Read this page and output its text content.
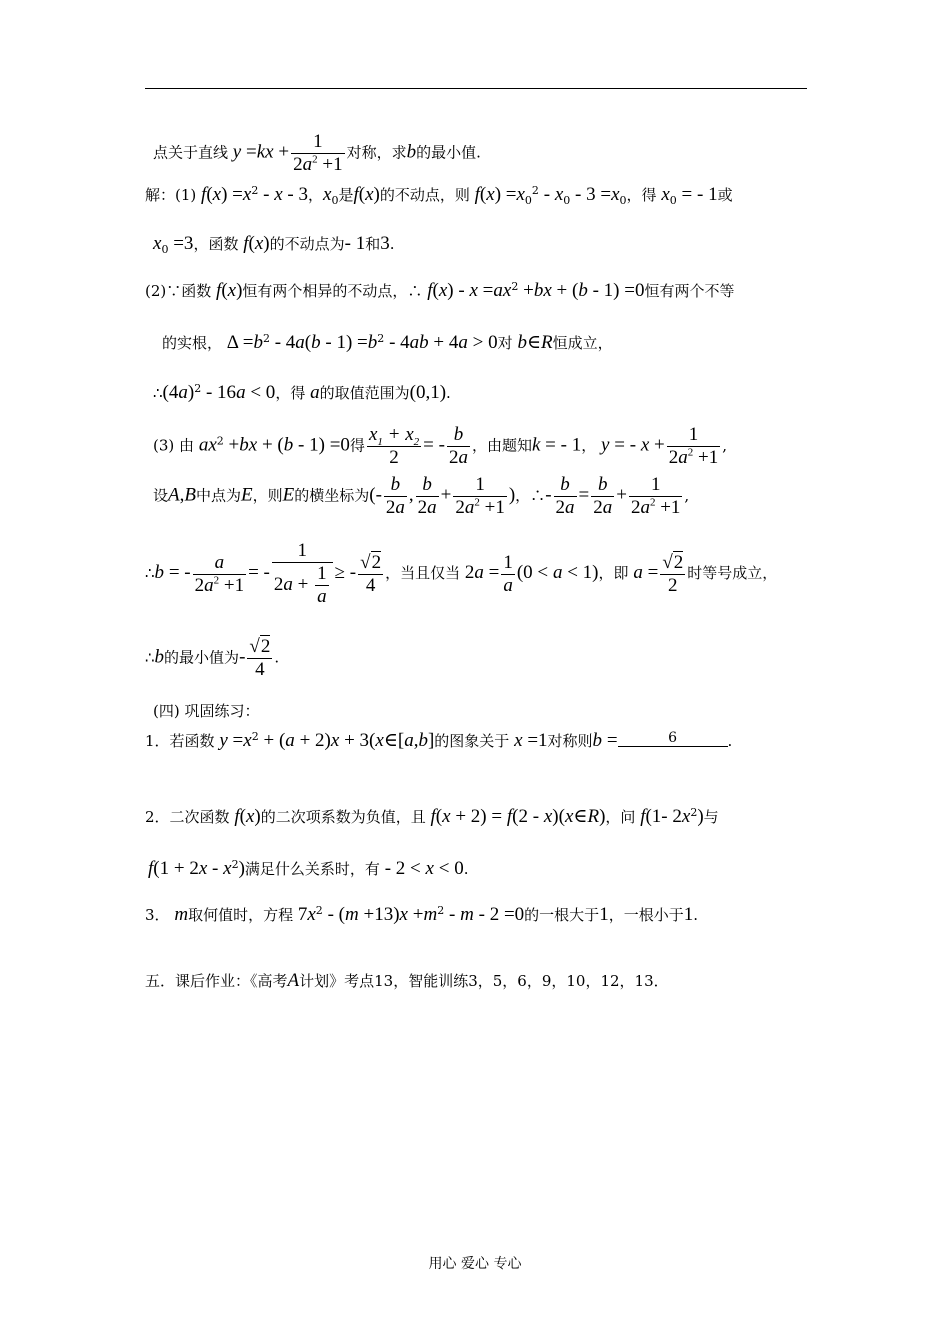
点关于直线 $y =kx + \frac{1}{2a^2 +1}$ 对称，求b的最小值.
解：(1) $f(x) =x^2 - x - 3$，$x_0$是f(x)的不动点，则 $f(x) =x_0^2 - x_0 - 3 =x_0$，得 $x_0$ = - 1或
$x_0 =3$，函数 f(x)的不动点为- 1和3.
(2)∵函数 f(x)恒有两个相异的不动点，∴ $f(x) - x =ax^2 +bx + (b - 1) =0$恒有两个不等
的实根， $\Delta =b^2 - 4a(b - 1) =b^2 - 4ab + 4a > 0$对 b∈R恒成立，
$\therefore(4a)^2 - 16a < 0$，得 a的取值范围为(0,1).
(3) 由 $ax^2 +bx + (b - 1) =0$得 $\frac{x_1 + x_2}{2}$ = - $\frac{b}{2a}$ ，由题知k = - 1， y = - $x + \frac{1}{2a^2 +1}$ ,
设A,B中点为E，则E的横坐标为(- $\frac{b}{2a}$ , $\frac{b}{2a} + \frac{1}{2a^2 +1}$ )，∴- $\frac{b}{2a} = \frac{b}{2a} + \frac{1}{2a^2 +1}$ ,
∴b = - $\frac{a}{2a^2 +1}$ = - $\frac{1}{2a + \frac{1}{a}}$ ≥ - $\frac{√2}{4}$ ，当且仅当 $2a = \frac{1}{a} (0 < a < 1)$，即 $a = \frac{√2}{2}$ 时等号成立，
∴b的最小值为- $\frac{√2}{4}$ .
(四) 巩固练习：
1．若函数 $y =x^2 + (a + 2)x$ + 3(x∈[a,b]的图象关于 x =1对称则b =	6	.
2．二次函数 f(x)的二次项系数为负值，且 f(x + 2) = f(2 - x)(x∈R)，问 f(1- $2x^2$)与
$f(1 + 2x - x^2)$满足什么关系时，有 - 2 < x < 0.
3． m取何值时，方程 $7x^2 - (m +13)x +m^2 - m - 2 =0$的一根大于1，一根小于1.
五．课后作业：《高考A计划》考点13，智能训练3，5，6，9，10，12，13．
用心 爱心 专心
